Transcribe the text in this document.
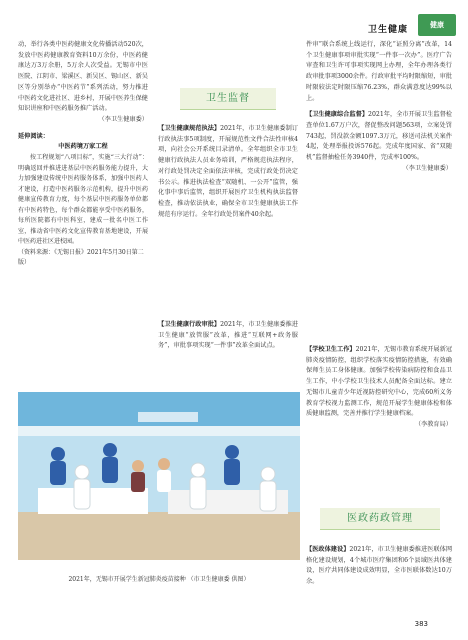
卫生健康	健康

动，举行各类中医药健康文化传播活动520次，发放中医药健康教育资料10万余份，中医药健康达万3万余册，5万余人次受益。无锡市中医医院、江阴市、梁溪区、新吴区、锡山区、新吴区等分别举办“中医药节”系列活动，努力推进中医药文化进社区、进乡村，开展中医养生保健知识讲座和中医药服务推广活动。

（李卫生健康委）

延伸阅读：

中医药境万家工程

按工程规划“八项目标”，实施“三大行动”：明确返回并推进进基层中医药服务能力提升，大力加强建设传统中医药服务体系，加强中医药人才建设，打造中医药服务示范机构，提升中医药健康宣传教育力度，每个基层中医药服务单位都有中医药特色，每个群众都能享受中医药服务，每所医院都有中医科室，建成一批名中医工作室，推动省中医药文化宣传教育基地建设，开展中医药进社区进校园。

（资料来源：《无锡日报》2021年5月30日第二版）

卫生监督

【卫生健康规范执法】2021年，市卫生健康委制订行政执法事5项制度，开展规范性文件合法性审核4项，向社会公开系统目录清单。全年组织全市卫生健康行政执法人员业务培训，严格规范执法程序，对行政处罚决定全面依法审核，完成行政处罚决定书公示。推进执法检查“双随机、一公开”监管，强化事中事后监管，组织开展医疗卫生机构执法监督检查，推动依法执业，确保全市卫生健康执法工作规范有序运行。全年行政处罚案件40余起。

【卫生健康行政审批】2021年，市卫生健康委推进卫生健康“放管服”改革，推进“互联网+政务服务”，审批事项实现“一件事”改革全面试点。

件审”联合系统上线运行，深化“证照分离”改革，14个卫生健康事项审批实现“一件事一次办”。医疗广告审查和卫生许可事项实现网上办理，全年办理各类行政审批事项3000余件。行政审批平均时限缩短，审批时限较法定时限压缩76.23%，群众满意度达99%以上。

【卫生健康综合监督】2021年，全市开展卫生监督检查单位1.67万户次，督促整改问题563项，立案处罚743起，罚没款金额1097.3万元，移送司法机关案件4起，处理举报投诉576起。完成年度国家、省“双随机”监督抽检任务3940件，完成率100%。

（李卫生健康委）

【学校卫生工作】2021年，无锡市教育系统开展新冠肺炎疫情防控，组织学校落实疫情防控措施，有效确保师生员工身体健康。加强学校传染病防控和食品卫生工作，中小学校卫生技术人员配备全面达标。建立无锡市儿童青少年近视防控研究中心，完成60所义务教育学校视力监测工作，规范开展学生健康体检和体质健康监测，完善并推行学生健康档案。

（李教育局）

医政药政管理

【医政体建设】2021年，市卫生健康委推进医联体网格化建设规划，4个城市医疗集团和6个县域医共体建设，医疗共同体建设成效明显，全市医联体数达10万余。

2021年，无锡市开展学生新冠肺炎疫苗接种 （市卫生健康委 供图）
383
